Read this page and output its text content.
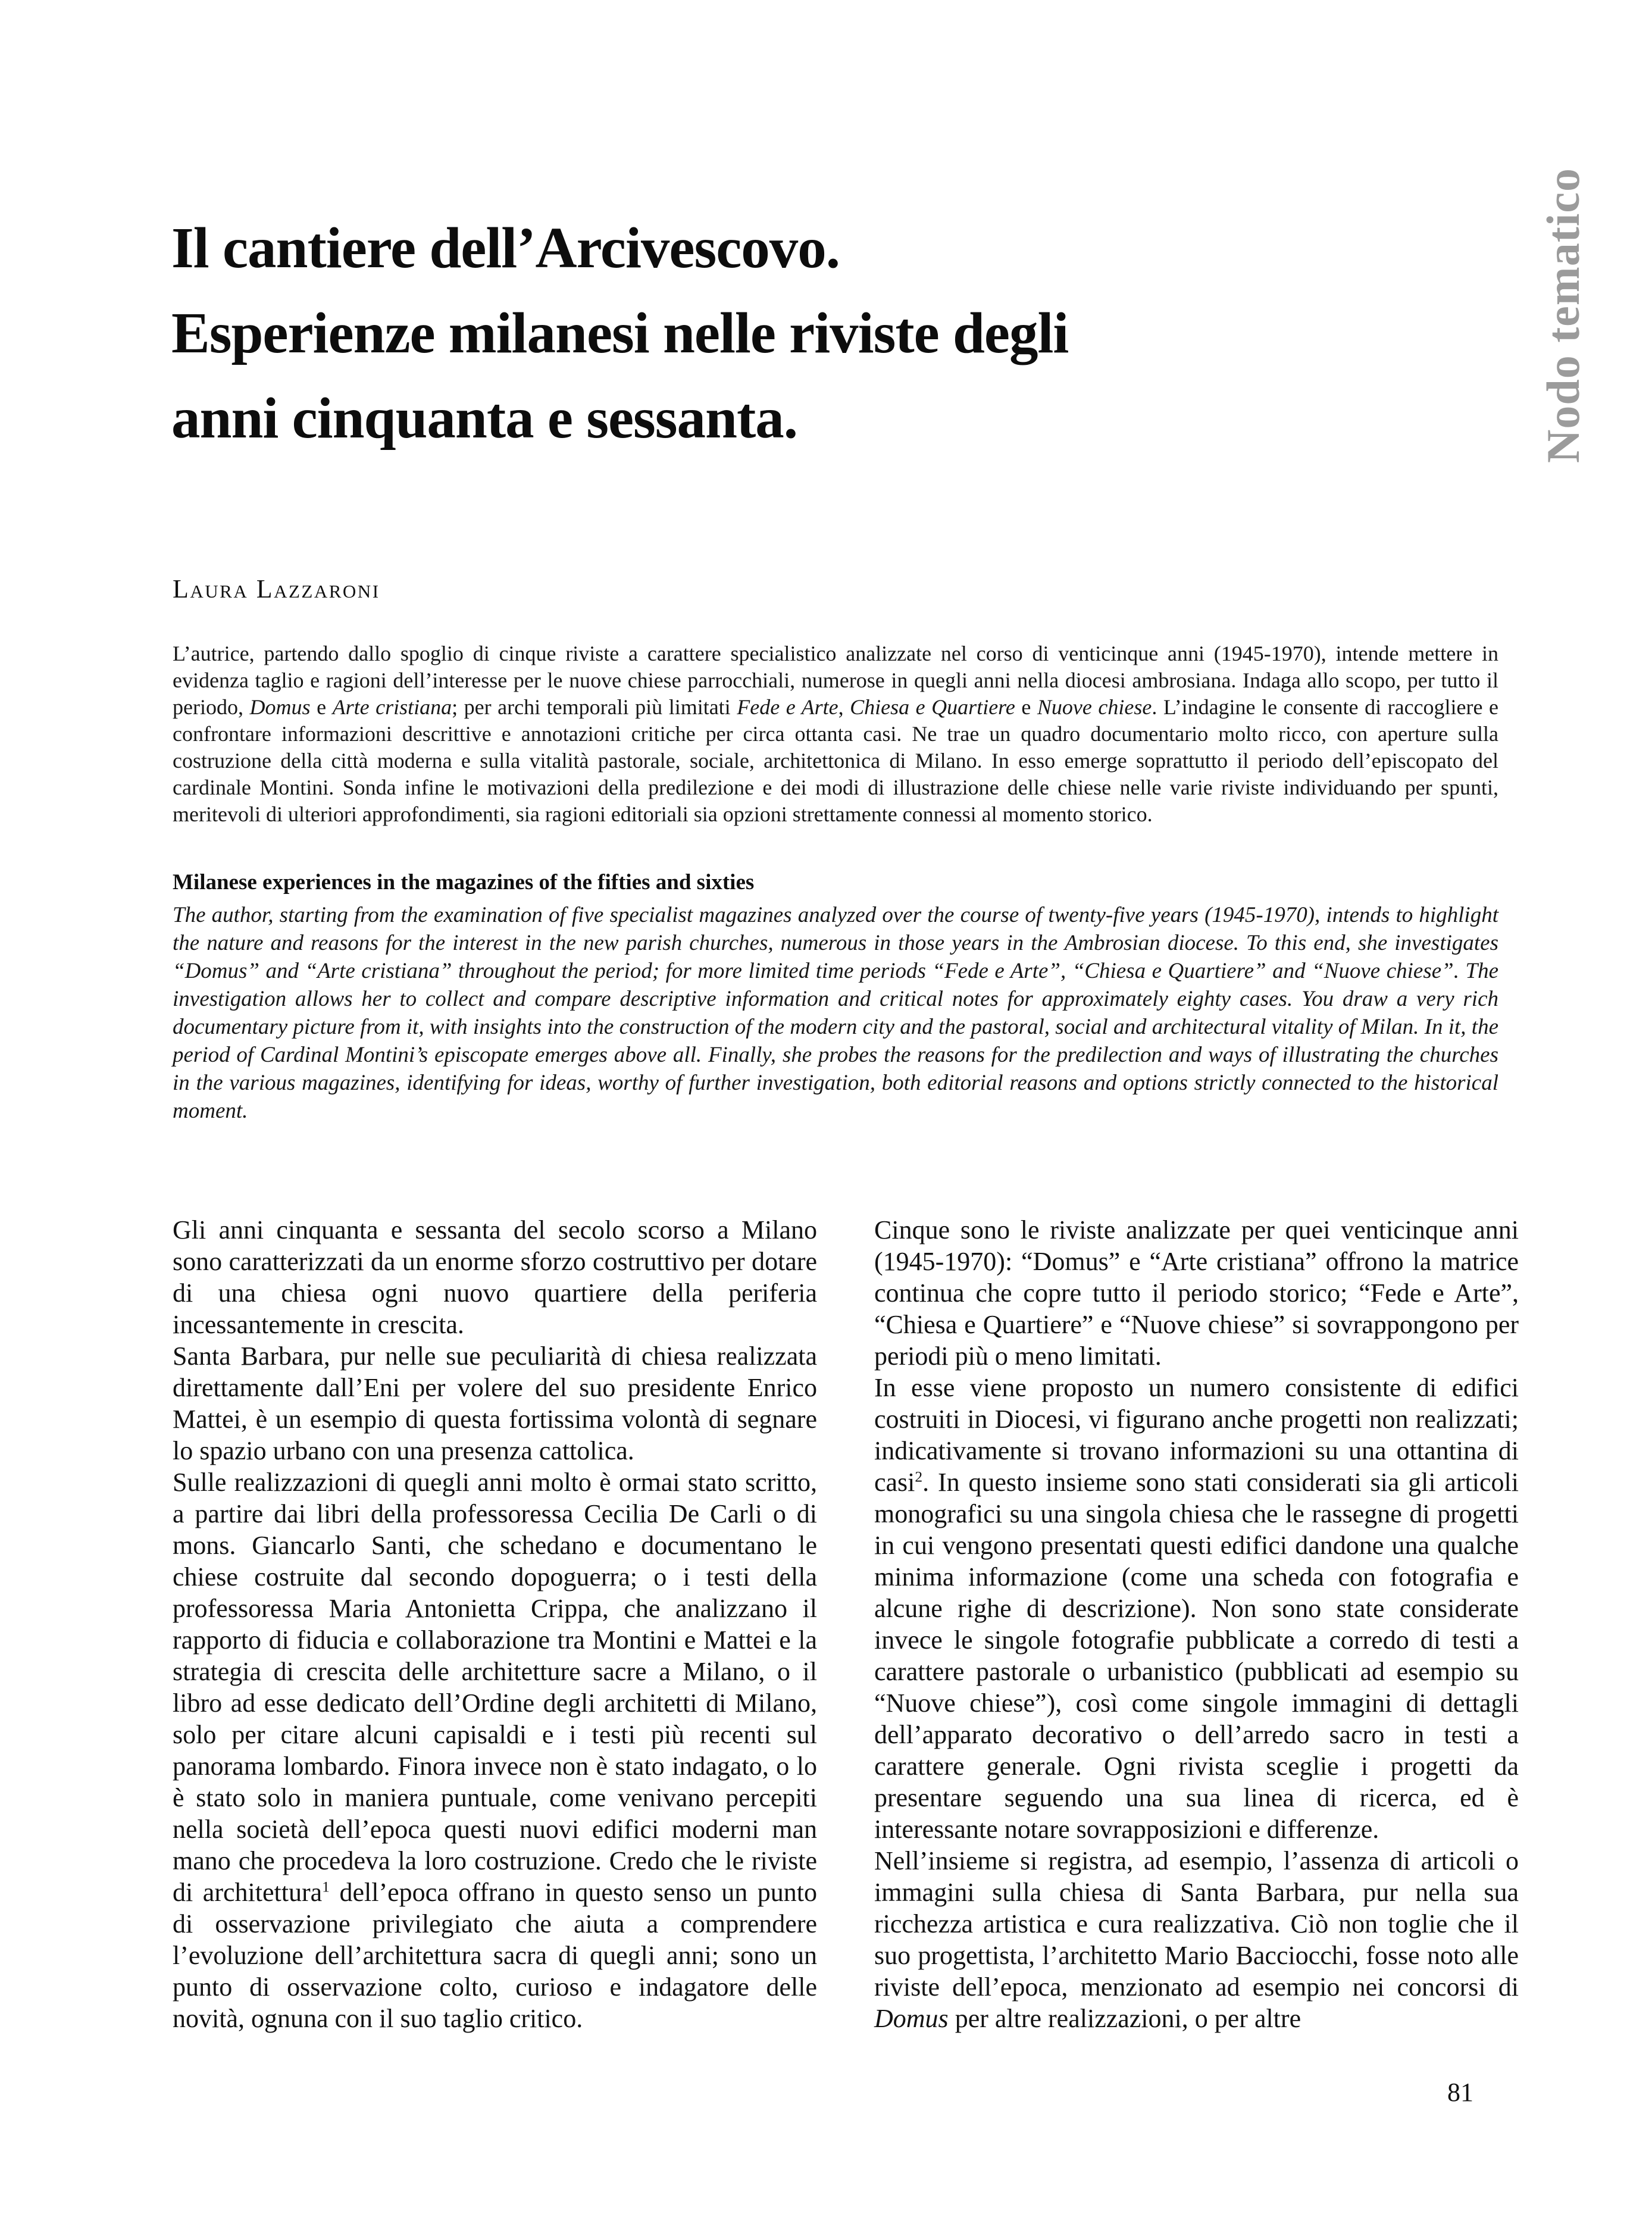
Il cantiere dell’Arcivescovo.
Esperienze milanesi nelle riviste degli
anni cinquanta e sessanta.	Nodo tematico
Laura Lazzaroni

L’autrice, partendo dallo spoglio di cinque riviste a carattere specialistico analizzate nel corso di venticinque anni (1945-1970), intende mettere in evidenza taglio e ragioni dell’interesse per le nuove chiese parrocchiali, numerose in quegli anni nella diocesi ambrosiana. Indaga allo scopo, per tutto il periodo, Domus e Arte cristiana; per archi temporali più limitati Fede e Arte, Chiesa e Quartiere e Nuove chiese. L’indagine le consente di raccogliere e confrontare informazioni descrittive e annotazioni critiche per circa ottanta casi. Ne trae un quadro documentario molto ricco, con aperture sulla costruzione della città moderna e sulla vitalità pastorale, sociale, architettonica di Milano. In esso emerge soprattutto il periodo dell’episcopato del cardinale Montini. Sonda infine le motivazioni della predilezione e dei modi di illustrazione delle chiese nelle varie riviste individuando per spunti, meritevoli di ulteriori approfondimenti, sia ragioni editoriali sia opzioni strettamente connessi al momento storico.

Milanese experiences in the magazines of the fifties and sixties

The author, starting from the examination of five specialist magazines analyzed over the course of twenty-five years (1945-1970), intends to highlight the nature and reasons for the interest in the new parish churches, numerous in those years in the Ambrosian diocese. To this end, she investigates “Domus” and “Arte cristiana” throughout the period; for more limited time periods “Fede e Arte”, “Chiesa e Quartiere” and “Nuove chiese”. The investigation allows her to collect and compare descriptive information and critical notes for approximately eighty cases. You draw a very rich documentary picture from it, with insights into the construction of the modern city and the pastoral, social and architectural vitality of Milan. In it, the period of Cardinal Montini’s episcopate emerges above all. Finally, she probes the reasons for the predilection and ways of illustrating the churches in the various magazines, identifying for ideas, worthy of further investigation, both editorial reasons and options strictly connected to the historical moment.

Gli anni cinquanta e sessanta del secolo scorso a Milano sono caratterizzati da un enorme sforzo costruttivo per dotare di una chiesa ogni nuovo quartiere della periferia incessantemente in crescita.

Santa Barbara, pur nelle sue peculiarità di chiesa realizzata direttamente dall’Eni per volere del suo presidente Enrico Mattei, è un esempio di questa fortissima volontà di segnare lo spazio urbano con una presenza cattolica.

Sulle realizzazioni di quegli anni molto è ormai stato scritto, a partire dai libri della professoressa Cecilia De Carli o di mons. Giancarlo Santi, che schedano e documentano le chiese costruite dal secondo dopoguerra; o i testi della professoressa Maria Antonietta Crippa, che analizzano il rapporto di fiducia e collaborazione tra Montini e Mattei e la strategia di crescita delle architetture sacre a Milano, o il libro ad esse dedicato dell’Ordine degli architetti di Milano, solo per citare alcuni capisaldi e i testi più recenti sul panorama lombardo. Finora invece non è stato indagato, o lo è stato solo in maniera puntuale, come venivano percepiti nella società dell’epoca questi nuovi edifici moderni man mano che procedeva la loro costruzione. Credo che le riviste di architettura$^1$ dell’epoca offrano in questo senso un punto di osservazione privilegiato che aiuta a comprendere l’evoluzione dell’architettura sacra di quegli anni; sono un punto di osservazione colto, curioso e indagatore delle novità, ognuna con il suo taglio critico.

Cinque sono le riviste analizzate per quei venticinque anni (1945-1970): “Domus” e “Arte cristiana” offrono la matrice continua che copre tutto il periodo storico; “Fede e Arte”, “Chiesa e Quartiere” e “Nuove chiese” si sovrappongono per periodi più o meno limitati.

In esse viene proposto un numero consistente di edifici costruiti in Diocesi, vi figurano anche progetti non realizzati; indicativamente si trovano informazioni su una ottantina di casi$^2$. In questo insieme sono stati considerati sia gli articoli monografici su una singola chiesa che le rassegne di progetti in cui vengono presentati questi edifici dandone una qualche minima informazione (come una scheda con fotografia e alcune righe di descrizione). Non sono state considerate invece le singole fotografie pubblicate a corredo di testi a carattere pastorale o urbanistico (pubblicati ad esempio su “Nuove chiese”), così come singole immagini di dettagli dell’apparato decorativo o dell’arredo sacro in testi a carattere generale. Ogni rivista sceglie i progetti da presentare seguendo una sua linea di ricerca, ed è interessante notare sovrapposizioni e differenze.

Nell’insieme si registra, ad esempio, l’assenza di articoli o immagini sulla chiesa di Santa Barbara, pur nella sua ricchezza artistica e cura realizzativa. Ciò non toglie che il suo progettista, l’architetto Mario Bacciocchi, fosse noto alle riviste dell’epoca, menzionato ad esempio nei concorsi di Domus per altre realizzazioni, o per altre

81
